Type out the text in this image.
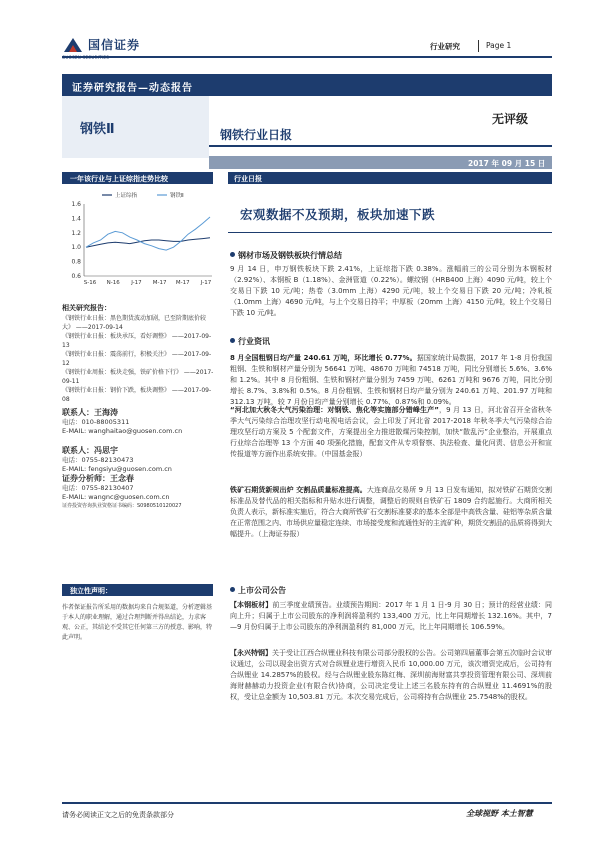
国信证券	行业研究	Page 1
证券研究报告—动态报告
钢铁Ⅱ
无评级
钢铁行业日报
2017 年 09 月 15 日
一年该行业与上证综指走势比较
0.6
0.8
1.0
1.2
1.4
1.6
S-16 N-16 J-17 M-17 M-17 J-17
上证综指	钢铁Ⅱ
相关研究报告：
《钢铁行业日报：黑色期货波动加剧，已至阶期底价较大》 ——2017-09-14
《钢铁行业日报：板块承压，看好调整》 ——2017-09-13
《钢铁行业日报：震荡前行，积极关注》 ——2017-09-12
《钢铁行业周报：板块走强，铁矿价格下行》 ——2017-09-11
《钢铁行业日报：钢价下跌，板块调整》 ——2017-09-08
联系人：王海涛
电话：010-88005311
E-MAIL: wanghaitao@guosen.com.cn
联系人：冯思宇
电话：0755-82130473
E-MAIL: fengsiyu@guosen.com.cn
证券分析师：王念春
电话：0755-82130407
E-MAIL: wangnc@guosen.com.cn
证券投资咨询执业资格证书编码：S0980510120027
独立性声明：
作者保证报告所采用的数据均来自合规渠道，分析逻辑基于本人的职业理解，通过合理判断并得出结论，力求客观、公正，其结论不受其它任何第三方的授意、影响，特此声明。
行业日报
宏观数据不及预期，板块加速下跌
钢材市场及钢铁板块行情总结
9 月 14 日，申万钢铁板块下跌 2.41%，上证综指下跌 0.38%。涨幅前三的公司分别为本钢板材（2.92%）、本钢板 B（1.18%）、金洲管道（0.22%）。螺纹钢（HRB400 上海）4090 元/吨，较上个交易日下跌 10 元/吨；热卷（3.0mm 上海）4290 元/吨，较上个交易日下跌 20 元/吨；冷轧板（1.0mm 上海）4690 元/吨，与上个交易日持平；中厚板（20mm 上海）4150 元/吨，较上个交易日下跌 10 元/吨。
行业资讯
8 月全国粗钢日均产量 240.61 万吨，环比增长 0.77%。据国家统计局数据，2017 年 1-8 月份我国粗钢、生铁和钢材产量分别为 56641 万吨、48670 万吨和 74518 万吨，同比分别增长 5.6%、3.6%和 1.2%。其中 8 月份粗钢、生铁和钢材产量分别为 7459 万吨、6261 万吨和 9676 万吨，同比分别增长 8.7%、3.8%和 0.5%。8 月份粗钢、生铁和钢材日均产量分别为 240.61 万吨、201.97 万吨和 312.13 万吨，较 7 月份日均产量分别增长 0.77%、0.87%和 0.09%。
“河北加大秋冬大气污染治理：对钢铁、焦化等实施部分错峰生产”，9 月 13 日，河北省召开全省秋冬季大气污染综合治理攻坚行动电视电话会议，会上印发了河北省 2017-2018 年秋冬季大气污染综合治理攻坚行动方案及 5 个配套文件，方案提出全力推进散煤污染控制，加快“散乱污”企业整治，开展重点行业综合治理等 13 个方面 40 项强化措施，配套文件从专项督察、执法检查、量化问责、信息公开和宣传报道等方面作出系统安排。（中国基金报）
铁矿石期货新规出炉 交割品质量标准提高。大连商品交易所 9 月 13 日发布通知，拟对铁矿石期货交割标准品及替代品的相关指标和升贴水进行调整，调整后的规则自铁矿石 1809 合约起施行。大商所相关负责人表示，新标准实施后，符合大商所铁矿石交割标准要求的基本全部是中高铁含量、硅铝等杂质含量在正常范围之内、市场供应量稳定连续、市场接受度和流通性好的主流矿种，期货交割品的品质将得到大幅提升。（上海证券报）
上市公司公告
【本钢板材】前三季度业绩预告。业绩预告期间：2017 年 1 月 1 日-9 月 30 日；预计的经营业绩：同向上升；归属于上市公司股东的净利润将盈利约 133,400 万元，比上年同期增长 132.16%。其中，7—9 月份归属于上市公司股东的净利润盈利约 81,000 万元，比上年同期增长 106.59%。
【永兴特钢】关于受让江西合纵锂业科技有限公司部分股权的公告。公司第四届董事会第五次临时会议审议通过，公司以现金出资方式对合纵锂业进行增资入民币 10,000.00 万元，该次增资完成后，公司持有合纵锂业 14.2857%的股权。经与合纵锂业股东陈红梅、深圳前海财富共享投资管理有限公司、深圳前海财赫赫动力投资企业(有限合伙)协商，公司决定受让上述三名股东持有的合纵锂业 11.4691%的股权，受让总金额为 10,503.81 万元。本次交易完成后，公司将持有合纵锂业 25.7548%的股权。
请务必阅读正文之后的免责条款部分	全球视野 本土智慧
